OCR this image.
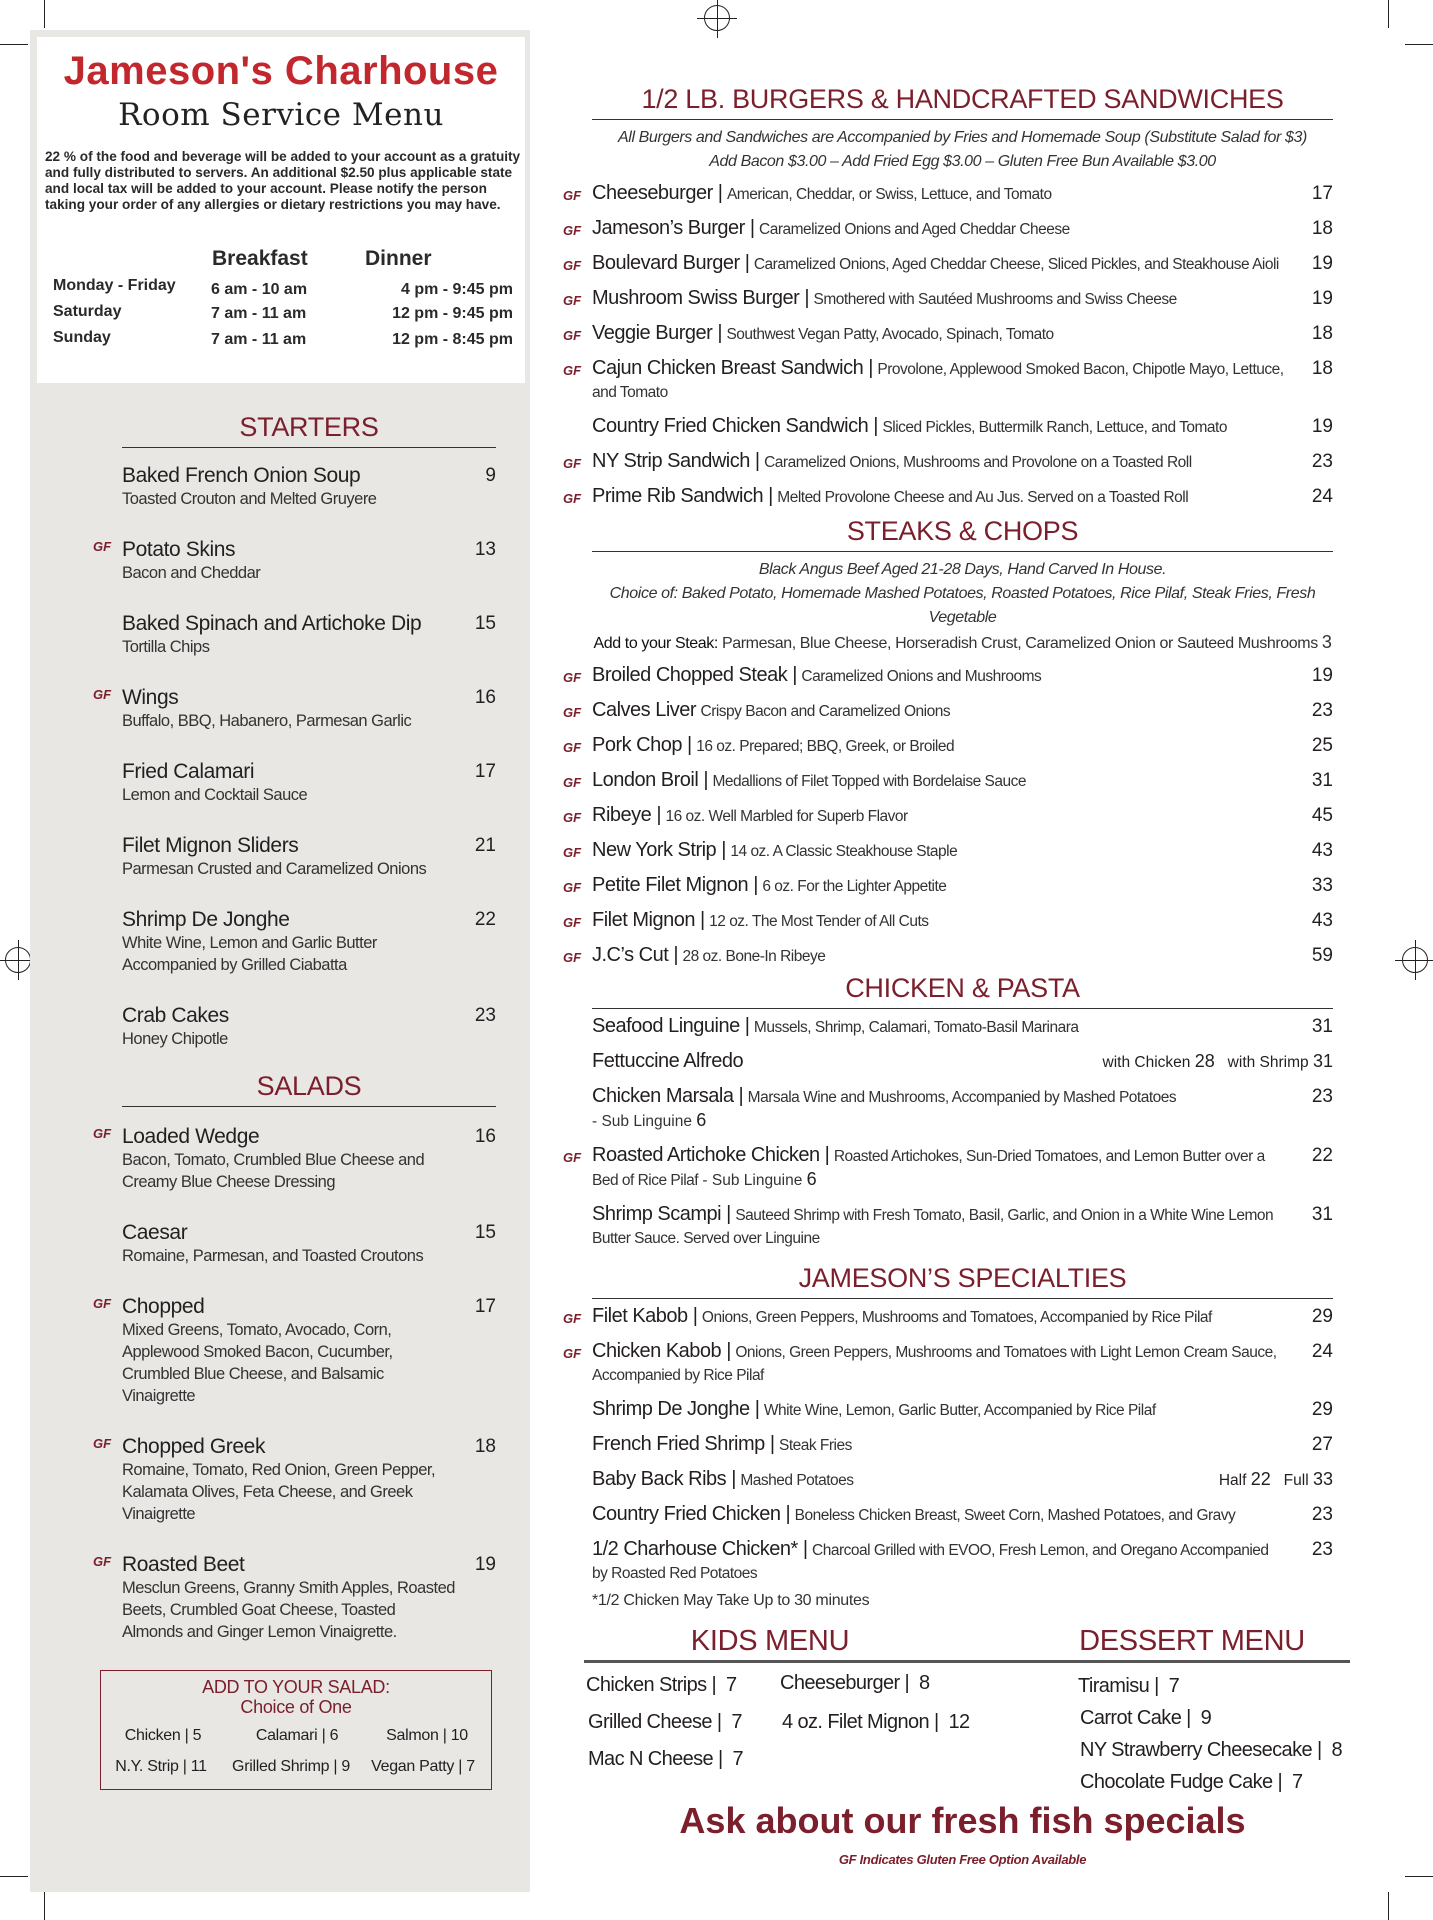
Jameson's Charhouse
Room Service Menu
22 % of the food and beverage will be added to your account as a gratuity and fully distributed to servers. An additional $2.50 plus applicable state and local tax will be added to your account. Please notify the person taking your order of any allergies or dietary restrictions you may have.
Breakfast	Dinner
Monday - Friday 6 am - 10 am	4 pm - 9:45 pm
Saturday	7 am - 11 am	12 pm - 9:45 pm
Sunday	7 am - 11 am	12 pm - 8:45 pm
STARTERS
Baked French Onion Soup
Toasted Crouton and Melted Gruyere
9
GF Potato Skins
Bacon and Cheddar
13
Baked Spinach and Artichoke Dip
Tortilla Chips
15
GF Wings
Buffalo, BBQ, Habanero, Parmesan Garlic
16
Fried Calamari
Lemon and Cocktail Sauce
17
Filet Mignon Sliders
Parmesan Crusted and Caramelized Onions
21
Shrimp De Jonghe
White Wine, Lemon and Garlic Butter Accompanied by Grilled Ciabatta
22
Crab Cakes
Honey Chipotle
23
SALADS
GF Loaded Wedge
Bacon, Tomato, Crumbled Blue Cheese and Creamy Blue Cheese Dressing
16
Caesar
Romaine, Parmesan, and Toasted Croutons
15
GF Chopped
Mixed Greens, Tomato, Avocado, Corn, Applewood Smoked Bacon, Cucumber, Crumbled Blue Cheese, and Balsamic Vinaigrette
17
GF Chopped Greek
Romaine, Tomato, Red Onion, Green Pepper, Kalamata Olives, Feta Cheese, and Greek Vinaigrette
18
GF Roasted Beet
Mesclun Greens, Granny Smith Apples, Roasted Beets, Crumbled Goat Cheese, Toasted Almonds and Ginger Lemon Vinaigrette.
19
ADD TO YOUR SALAD:
Choice of One
Chicken | 5	Calamari | 6	Salmon | 10
N.Y. Strip | 11 Grilled Shrimp | 9 Vegan Patty | 7
1/2 LB. BURGERS & HANDCRAFTED SANDWICHES
All Burgers and Sandwiches are Accompanied by Fries and Homemade Soup (Substitute Salad for $3)
Add Bacon $3.00 – Add Fried Egg $3.00 – Gluten Free Bun Available $3.00
GF Cheeseburger | American, Cheddar, or Swiss, Lettuce, and Tomato	17
GF Jameson’s Burger | Caramelized Onions and Aged Cheddar Cheese	18
GF Boulevard Burger | Caramelized Onions, Aged Cheddar Cheese, Sliced Pickles, and Steakhouse Aioli 19
GF Mushroom Swiss Burger | Smothered with Sautéed Mushrooms and Swiss Cheese	19
GF Veggie Burger | Southwest Vegan Patty, Avocado, Spinach, Tomato	18
GF Cajun Chicken Breast Sandwich | Provolone, Applewood Smoked Bacon, Chipotle Mayo, Lettuce, and Tomato
18
Country Fried Chicken Sandwich | Sliced Pickles, Buttermilk Ranch, Lettuce, and Tomato	19
GF NY Strip Sandwich | Caramelized Onions, Mushrooms and Provolone on a Toasted Roll	23
GF Prime Rib Sandwich | Melted Provolone Cheese and Au Jus. Served on a Toasted Roll	24
STEAKS & CHOPS
Black Angus Beef Aged 21-28 Days, Hand Carved In House.
Choice of: Baked Potato, Homemade Mashed Potatoes, Roasted Potatoes, Rice Pilaf, Steak Fries, Fresh Vegetable
Add to your Steak: Parmesan, Blue Cheese, Horseradish Crust, Caramelized Onion or Sauteed Mushrooms 3
GF Broiled Chopped Steak | Caramelized Onions and Mushrooms	19
GF Calves Liver Crispy Bacon and Caramelized Onions	23
GF Pork Chop | 16 oz. Prepared; BBQ, Greek, or Broiled	25
GF London Broil | Medallions of Filet Topped with Bordelaise Sauce	31
GF Ribeye | 16 oz. Well Marbled for Superb Flavor	45
GF New York Strip | 14 oz. A Classic Steakhouse Staple	43
GF Petite Filet Mignon | 6 oz. For the Lighter Appetite	33
GF Filet Mignon | 12 oz. The Most Tender of All Cuts	43
GF J.C’s Cut | 28 oz. Bone-In Ribeye	59
CHICKEN & PASTA
Seafood Linguine | Mussels, Shrimp, Calamari, Tomato-Basil Marinara	31
Fettuccine Alfredo	with Chicken 28   with Shrimp 31
Chicken Marsala | Marsala Wine and Mushrooms, Accompanied by Mashed Potatoes
- Sub Linguine 6
23
GF Roasted Artichoke Chicken | Roasted Artichokes, Sun-Dried Tomatoes, and Lemon Butter over a Bed of Rice Pilaf - Sub Linguine 6
22
Shrimp Scampi | Sauteed Shrimp with Fresh Tomato, Basil, Garlic, and Onion in a White Wine Lemon Butter Sauce. Served over Linguine
31
JAMESON’S SPECIALTIES
GF Filet Kabob | Onions, Green Peppers, Mushrooms and Tomatoes, Accompanied by Rice Pilaf	29
GF Chicken Kabob | Onions, Green Peppers, Mushrooms and Tomatoes with Light Lemon Cream Sauce, Accompanied by Rice Pilaf
24
Shrimp De Jonghe | White Wine, Lemon, Garlic Butter, Accompanied by Rice Pilaf	29
French Fried Shrimp | Steak Fries	27
Baby Back Ribs | Mashed Potatoes	Half 22   Full 33
Country Fried Chicken | Boneless Chicken Breast, Sweet Corn, Mashed Potatoes, and Gravy	23
1/2 Charhouse Chicken* | Charcoal Grilled with EVOO, Fresh Lemon, and Oregano Accompanied by Roasted Red Potatoes
23
*1/2 Chicken May Take Up to 30 minutes
KIDS MENU	DESSERT MENU
Chicken Strips |  7
Grilled Cheese |  7
Mac N Cheese |  7
Cheeseburger |  8
4 oz. Filet Mignon |  12
Tiramisu |  7
Carrot Cake |  9
NY Strawberry Cheesecake |  8
Chocolate Fudge Cake |  7
Ask about our fresh fish specials
GF Indicates Gluten Free Option Available
